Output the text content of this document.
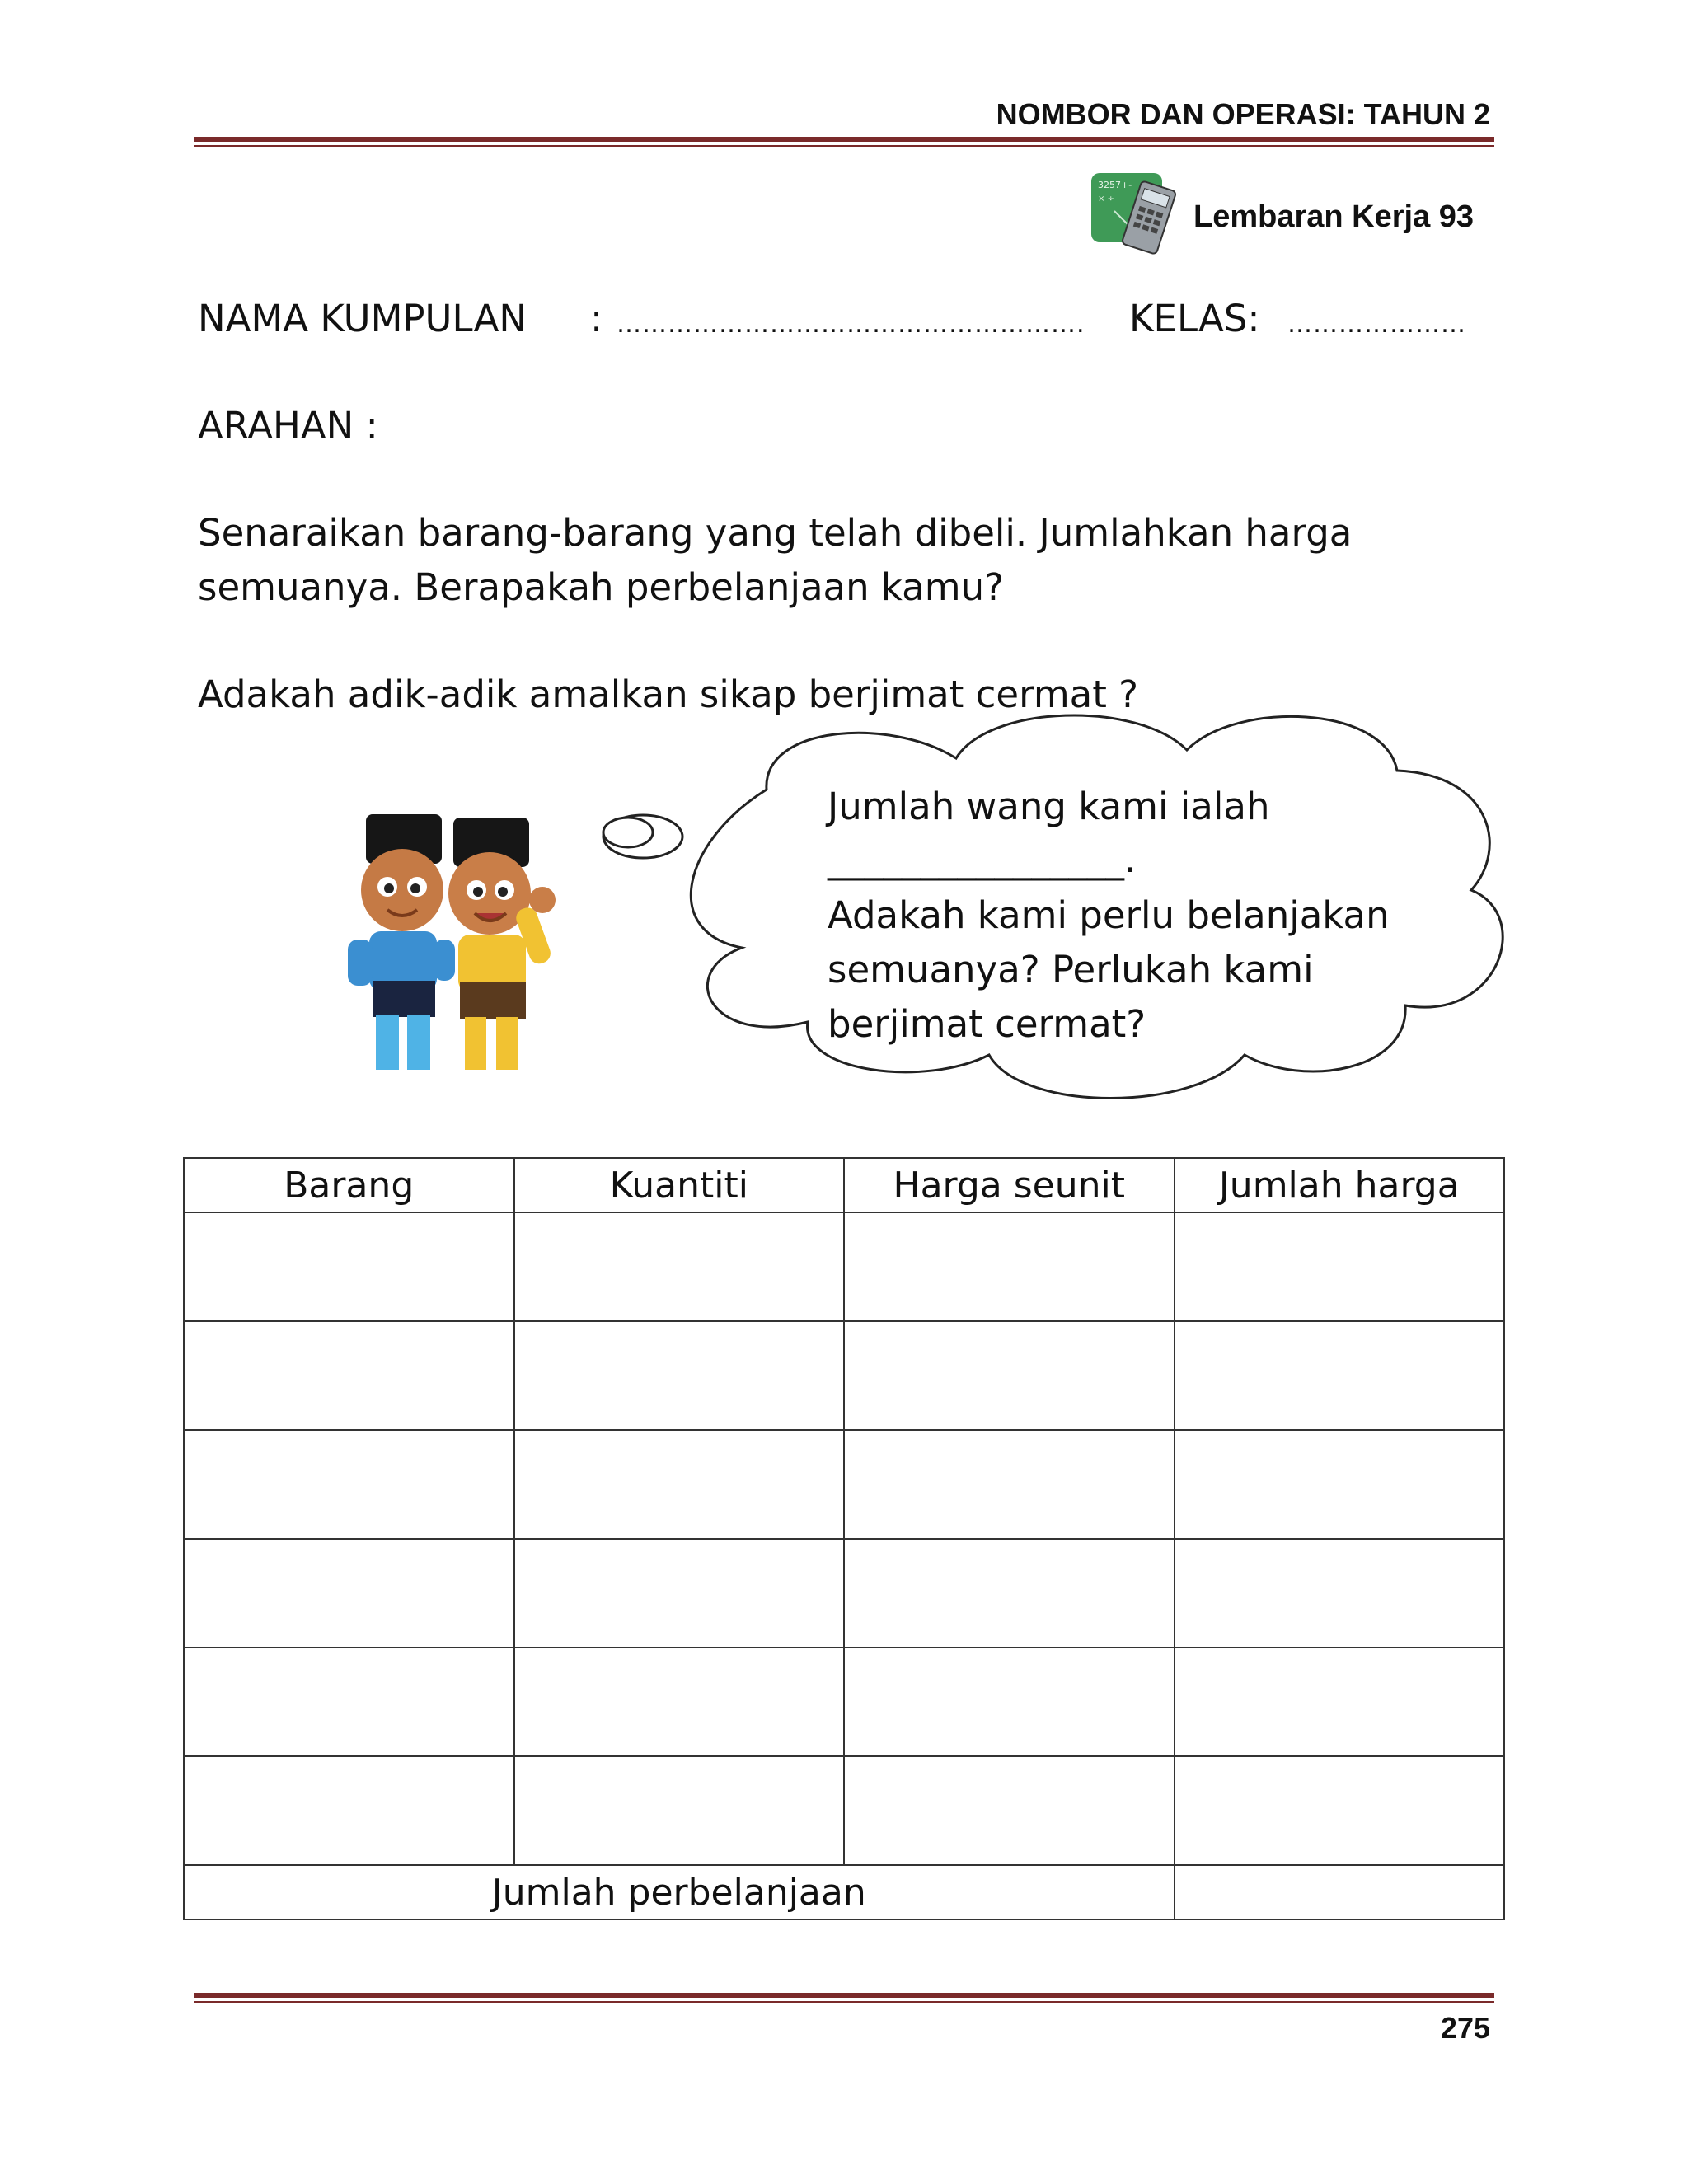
NOMBOR DAN OPERASI: TAHUN 2
3257+-
× ÷
Lembaran Kerja 93
NAMA KUMPULAN : ………………………………………………. KELAS: …………………
ARAHAN :
Senaraikan barang-barang yang telah dibeli. Jumlahkan harga
semuanya. Berapakah perbelanjaan kamu?
Adakah adik-adik amalkan sikap berjimat cermat ?
Jumlah wang kami ialah
________________.
Adakah kami perlu belanjakan
semuanya? Perlukah kami
berjimat cermat?
Barang	Kuantiti	Harga seunit	Jumlah harga

Jumlah perbelanjaan			
275
